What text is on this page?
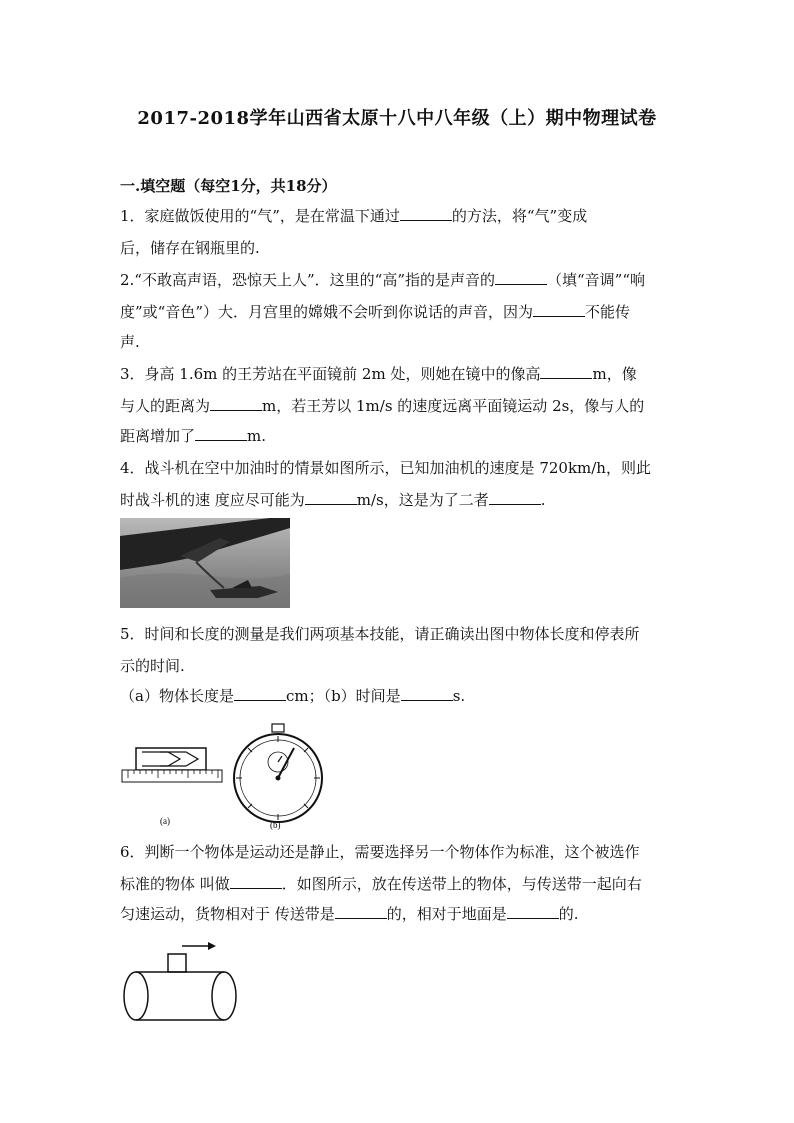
2017-2018学年山西省太原十八中八年级（上）期中物理试卷
一.填空题（每空1分，共18分）
1．家庭做饭使用的“气”，是在常温下通过	的方法，将“气”变成
后，储存在钢瓶里的.
2.“不敢高声语，恐惊天上人”．这里的“高”指的是声音的	（填“音调”“响
度”或“音色”）大．月宫里的嫦娥不会听到你说话的声音，因为	不能传
声.
3．身高 1.6m 的王芳站在平面镜前 2m 处，则她在镜中的像高	m，像
与人的距离为	m，若王芳以 1m/s 的速度远离平面镜运动 2s，像与人的
距离增加了	m.
4．战斗机在空中加油时的情景如图所示，已知加油机的速度是 720km/h，则此
时战斗机的速 度应尽可能为	m/s，这是为了二者	.
5．时间和长度的测量是我们两项基本技能，请正确读出图中物体长度和停表所
示的时间.
（a）物体长度是	cm；（b）时间是	s.
(a)	(b)
6．判断一个物体是运动还是静止，需要选择另一个物体作为标准，这个被选作
标准的物体 叫做	．如图所示，放在传送带上的物体，与传送带一起向右
匀速运动，货物相对于 传送带是	的，相对于地面是	的.
